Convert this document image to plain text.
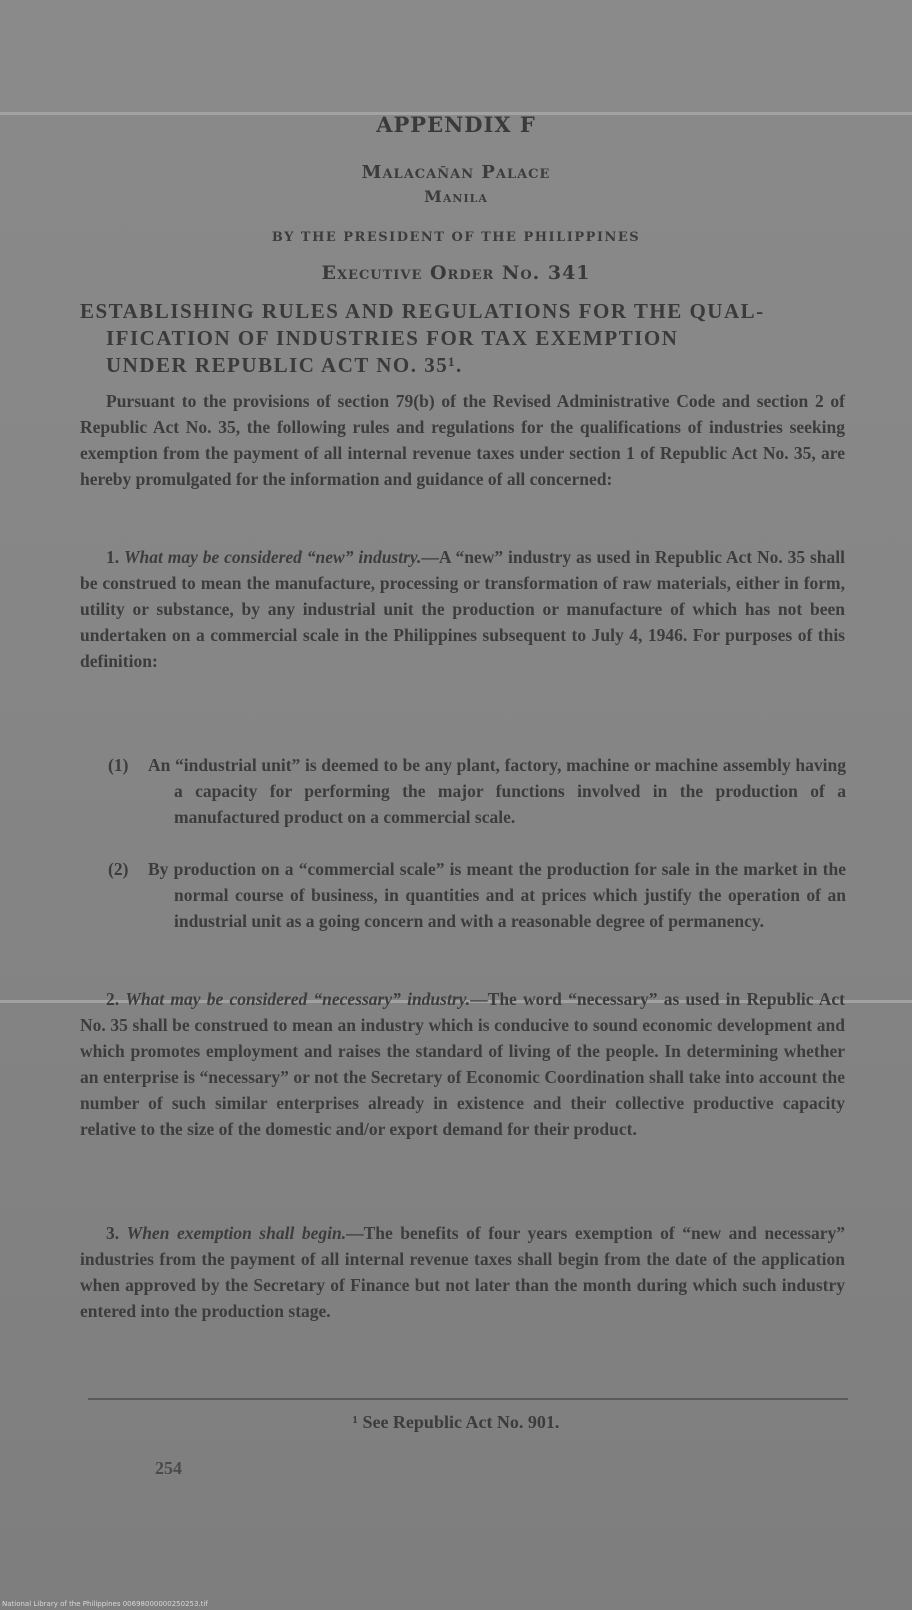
APPENDIX F
Malacañan Palace
Manila
BY THE PRESIDENT OF THE PHILIPPINES
Executive Order No. 341
ESTABLISHING RULES AND REGULATIONS FOR THE QUAL-
IFICATION OF INDUSTRIES FOR TAX EXEMPTION
UNDER REPUBLIC ACT NO. 35¹.
Pursuant to the provisions of section 79(b) of the Revised Administrative Code and section 2 of Republic Act No. 35, the following rules and regulations for the qualifications of industries seeking exemption from the payment of all internal revenue taxes under section 1 of Republic Act No. 35, are hereby promulgated for the information and guidance of all concerned:
1. What may be considered “new” industry.—A “new” industry as used in Republic Act No. 35 shall be construed to mean the manufacture, processing or transformation of raw materials, either in form, utility or substance, by any industrial unit the production or manufacture of which has not been undertaken on a commercial scale in the Philippines subsequent to July 4, 1946. For purposes of this definition:
(1) An “industrial unit” is deemed to be any plant, factory, machine or machine assembly having a capacity for performing the major functions involved in the production of a manufactured product on a commercial scale.
(2) By production on a “commercial scale” is meant the production for sale in the market in the normal course of business, in quantities and at prices which justify the operation of an industrial unit as a going concern and with a reasonable degree of permanency.
2. What may be considered “necessary” industry.—The word “necessary” as used in Republic Act No. 35 shall be construed to mean an industry which is conducive to sound economic development and which promotes employment and raises the standard of living of the people. In determining whether an enterprise is “necessary” or not the Secretary of Economic Coordination shall take into account the number of such similar enterprises already in existence and their collective productive capacity relative to the size of the domestic and/or export demand for their product.
3. When exemption shall begin.—The benefits of four years exemption of “new and necessary” industries from the payment of all internal revenue taxes shall begin from the date of the application when approved by the Secretary of Finance but not later than the month during which such industry entered into the production stage.
¹ See Republic Act No. 901.
254
National Library of the Philippines 00698000000250253.tif
